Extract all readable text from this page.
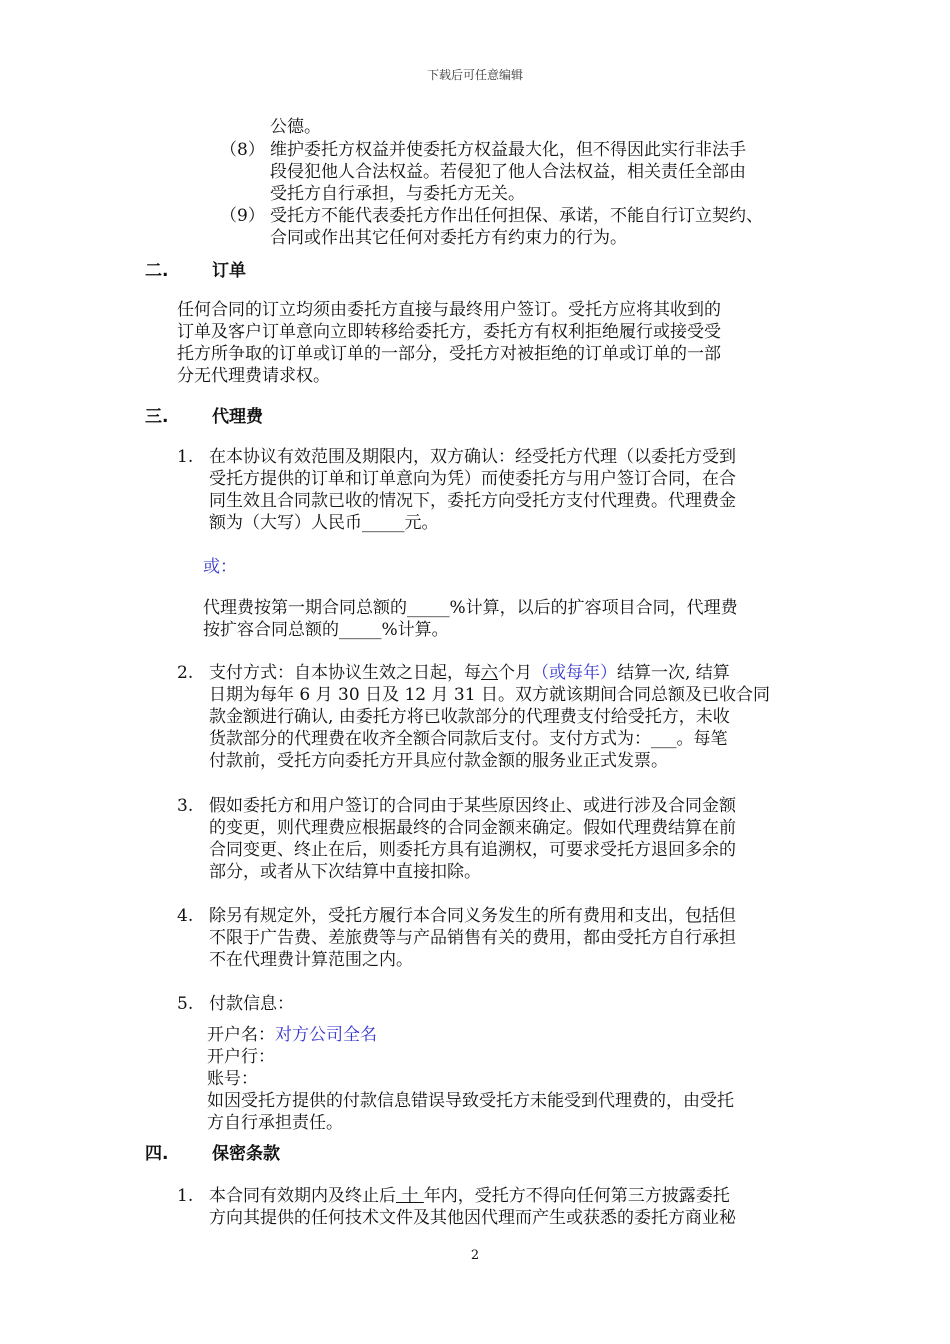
下载后可任意编辑
公德。
（8） 维护委托方权益并使委托方权益最大化，但不得因此实行非法手
段侵犯他人合法权益。若侵犯了他人合法权益，相关责任全部由
受托方自行承担，与委托方无关。
（9） 受托方不能代表委托方作出任何担保、承诺，不能自行订立契约、
合同或作出其它任何对委托方有约束力的行为。
二.	订单
任何合同的订立均须由委托方直接与最终用户签订。受托方应将其收到的
订单及客户订单意向立即转移给委托方，委托方有权利拒绝履行或接受受
托方所争取的订单或订单的一部分，受托方对被拒绝的订单或订单的一部
分无代理费请求权。
三.	代理费
1. 在本协议有效范围及期限内，双方确认：经受托方代理（以委托方受到
受托方提供的订单和订单意向为凭）而使委托方与用户签订合同，在合
同生效且合同款已收的情况下，委托方向受托方支付代理费。代理费金
额为（大写）人民币_____元。
或：
代理费按第一期合同总额的_____%计算，以后的扩容项目合同，代理费
按扩容合同总额的_____%计算。
2. 支付方式：自本协议生效之日起，每六个月（或每年）结算一次, 结算
日期为每年 6 月 30 日及 12 月 31 日。双方就该期间合同总额及已收合同
款金额进行确认, 由委托方将已收款部分的代理费支付给受托方，未收
货款部分的代理费在收齐全额合同款后支付。支付方式为：___。每笔
付款前，受托方向委托方开具应付款金额的服务业正式发票。
3. 假如委托方和用户签订的合同由于某些原因终止、或进行涉及合同金额
的变更，则代理费应根据最终的合同金额来确定。假如代理费结算在前
合同变更、终止在后，则委托方具有追溯权，可要求受托方退回多余的
部分，或者从下次结算中直接扣除。
4. 除另有规定外，受托方履行本合同义务发生的所有费用和支出，包括但
不限于广告费、差旅费等与产品销售有关的费用，都由受托方自行承担
不在代理费计算范围之内。
5. 付款信息：
开户名：对方公司全名
开户行：
账号：
如因受托方提供的付款信息错误导致受托方未能受到代理费的，由受托
方自行承担责任。
四.	保密条款
1. 本合同有效期内及终止后 十 年内，受托方不得向任何第三方披露委托
方向其提供的任何技术文件及其他因代理而产生或获悉的委托方商业秘
2
